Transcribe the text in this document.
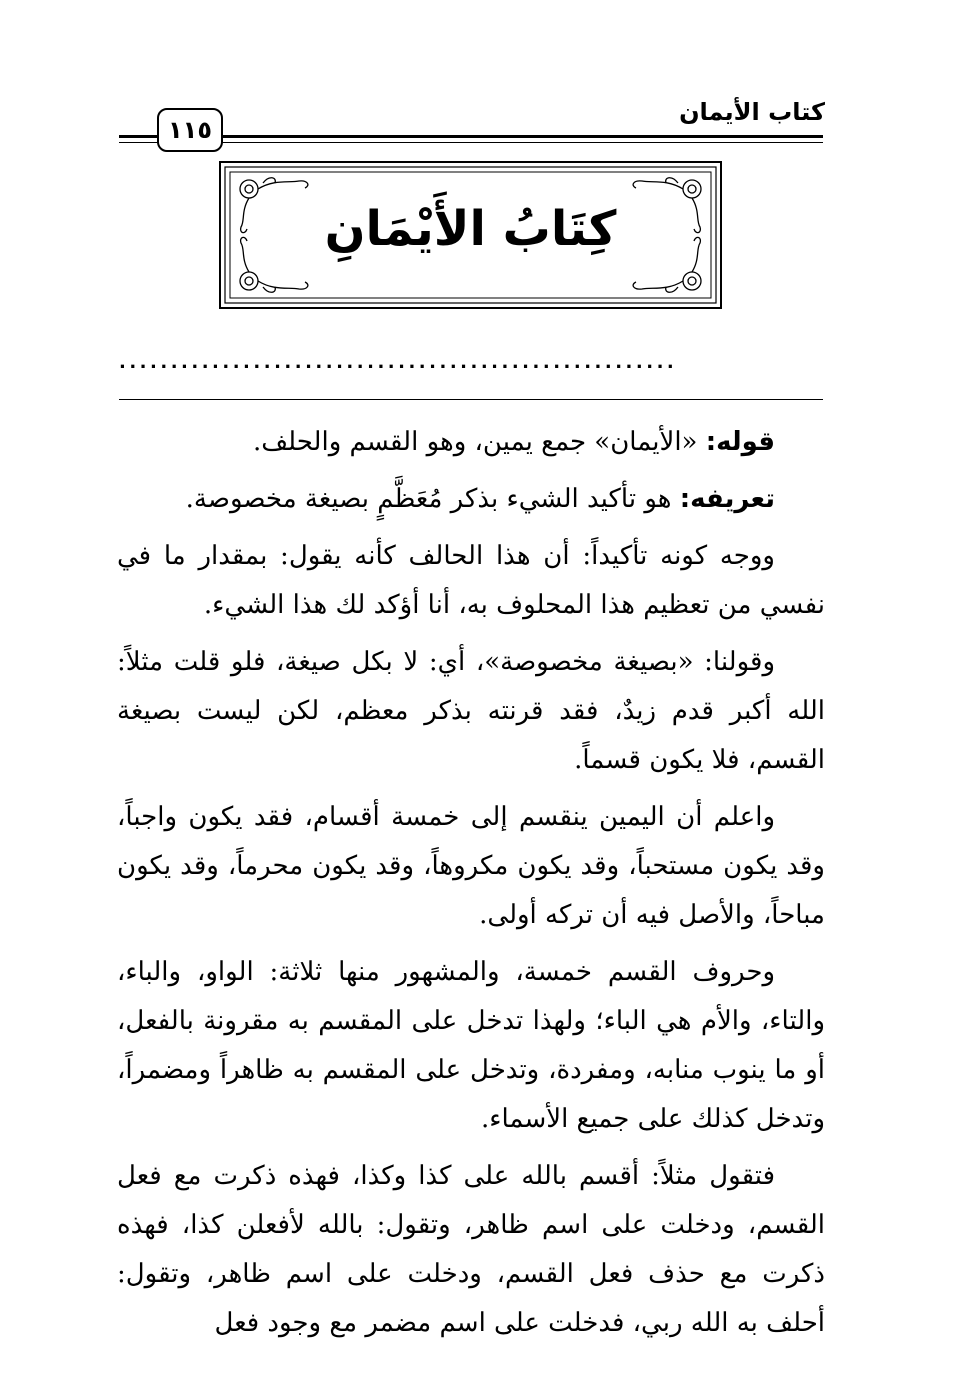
كتاب الأيمان
١١٥
كِتَابُ الأَيْمَانِ
......................................................

قوله: «الأيمان» جمع يمين، وهو القسم والحلف.

تعريفه: هو تأكيد الشيء بذكر مُعَظَّمٍ بصيغة مخصوصة.

ووجه كونه تأكيداً: أن هذا الحالف كأنه يقول: بمقدار ما في نفسي من تعظيم هذا المحلوف به، أنا أؤكد لك هذا الشيء.

وقولنا: «بصيغة مخصوصة»، أي: لا بكل صيغة، فلو قلت مثلاً: الله أكبر قدم زيدٌ، فقد قرنته بذكر معظم، لكن ليست بصيغة القسم، فلا يكون قسماً.

واعلم أن اليمين ينقسم إلى خمسة أقسام، فقد يكون واجباً، وقد يكون مستحباً، وقد يكون مكروهاً، وقد يكون محرماً، وقد يكون مباحاً، والأصل فيه أن تركه أولى.

وحروف القسم خمسة، والمشهور منها ثلاثة: الواو، والباء، والتاء، والأم هي الباء؛ ولهذا تدخل على المقسم به مقرونة بالفعل، أو ما ينوب منابه، ومفردة، وتدخل على المقسم به ظاهراً ومضمراً، وتدخل كذلك على جميع الأسماء.

فتقول مثلاً: أقسم بالله على كذا وكذا، فهذه ذكرت مع فعل القسم، ودخلت على اسم ظاهر، وتقول: بالله لأفعلن كذا، فهذه ذكرت مع حذف فعل القسم، ودخلت على اسم ظاهر، وتقول: أحلف به الله ربي، فدخلت على اسم مضمر مع وجود فعل
